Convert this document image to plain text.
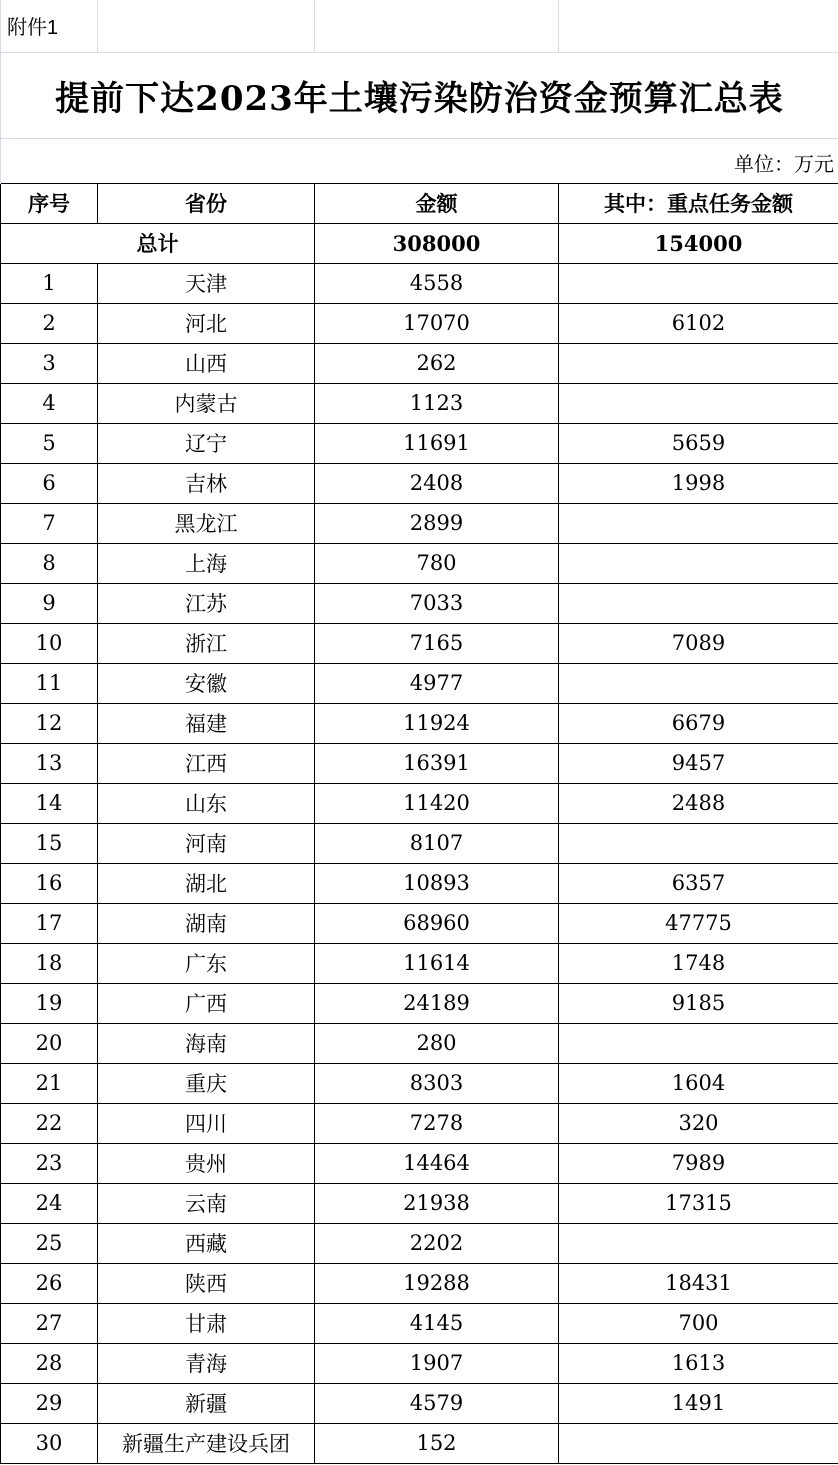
附件1			
提前下达2023年土壤污染防治资金预算汇总表			
单位：万元			
序号	省份	金额	其中：重点任务金额
总计		308000	154000
1	天津	4558	
2	河北	17070	6102
3	山西	262	
4	内蒙古	1123	
5	辽宁	11691	5659
6	吉林	2408	1998
7	黑龙江	2899	
8	上海	780	
9	江苏	7033	
10	浙江	7165	7089
11	安徽	4977	
12	福建	11924	6679
13	江西	16391	9457
14	山东	11420	2488
15	河南	8107	
16	湖北	10893	6357
17	湖南	68960	47775
18	广东	11614	1748
19	广西	24189	9185
20	海南	280	
21	重庆	8303	1604
22	四川	7278	320
23	贵州	14464	7989
24	云南	21938	17315
25	西藏	2202	
26	陕西	19288	18431
27	甘肃	4145	700
28	青海	1907	1613
29	新疆	4579	1491
30	新疆生产建设兵团	152	
